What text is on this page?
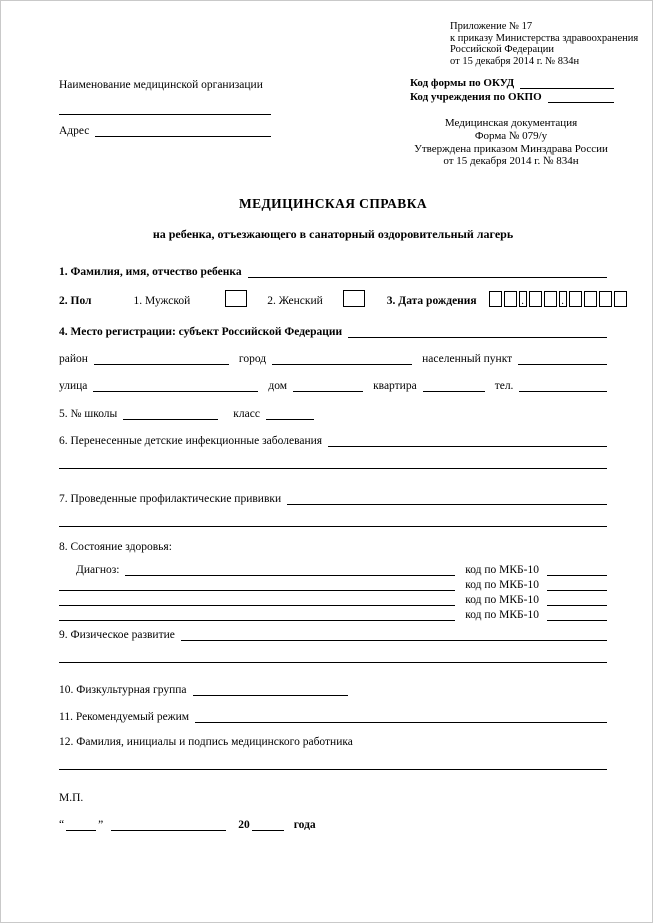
Приложение № 17
к приказу Министерства здравоохранения
Российской Федерации
от 15 декабря 2014 г. № 834н
Наименование медицинской организации
Адрес
Код формы по ОКУД
Код учреждения по ОКПО
Медицинская документация
Форма № 079/у
Утверждена приказом Минздрава России
от 15 декабря 2014 г. № 834н
МЕДИЦИНСКАЯ СПРАВКА
на ребенка, отъезжающего в санаторный оздоровительный лагерь
1. Фамилия, имя, отчество ребенка
2. Пол	1. Мужской	2. Женский	3. Дата рождения	.	.
4. Место регистрации: субъект Российской Федерации
район	город	населенный пункт
улица	дом	квартира	тел.
5. № школы	класс
6. Перенесенные детские инфекционные заболевания
7. Проведенные профилактические прививки
8. Состояние здоровья:
Диагноз:	код по МКБ-10
код по МКБ-10
код по МКБ-10
код по МКБ-10
9. Физическое развитие
10. Физкультурная группа
11. Рекомендуемый режим
12. Фамилия, инициалы и подпись медицинского работника
М.П.
“	”	20	года
